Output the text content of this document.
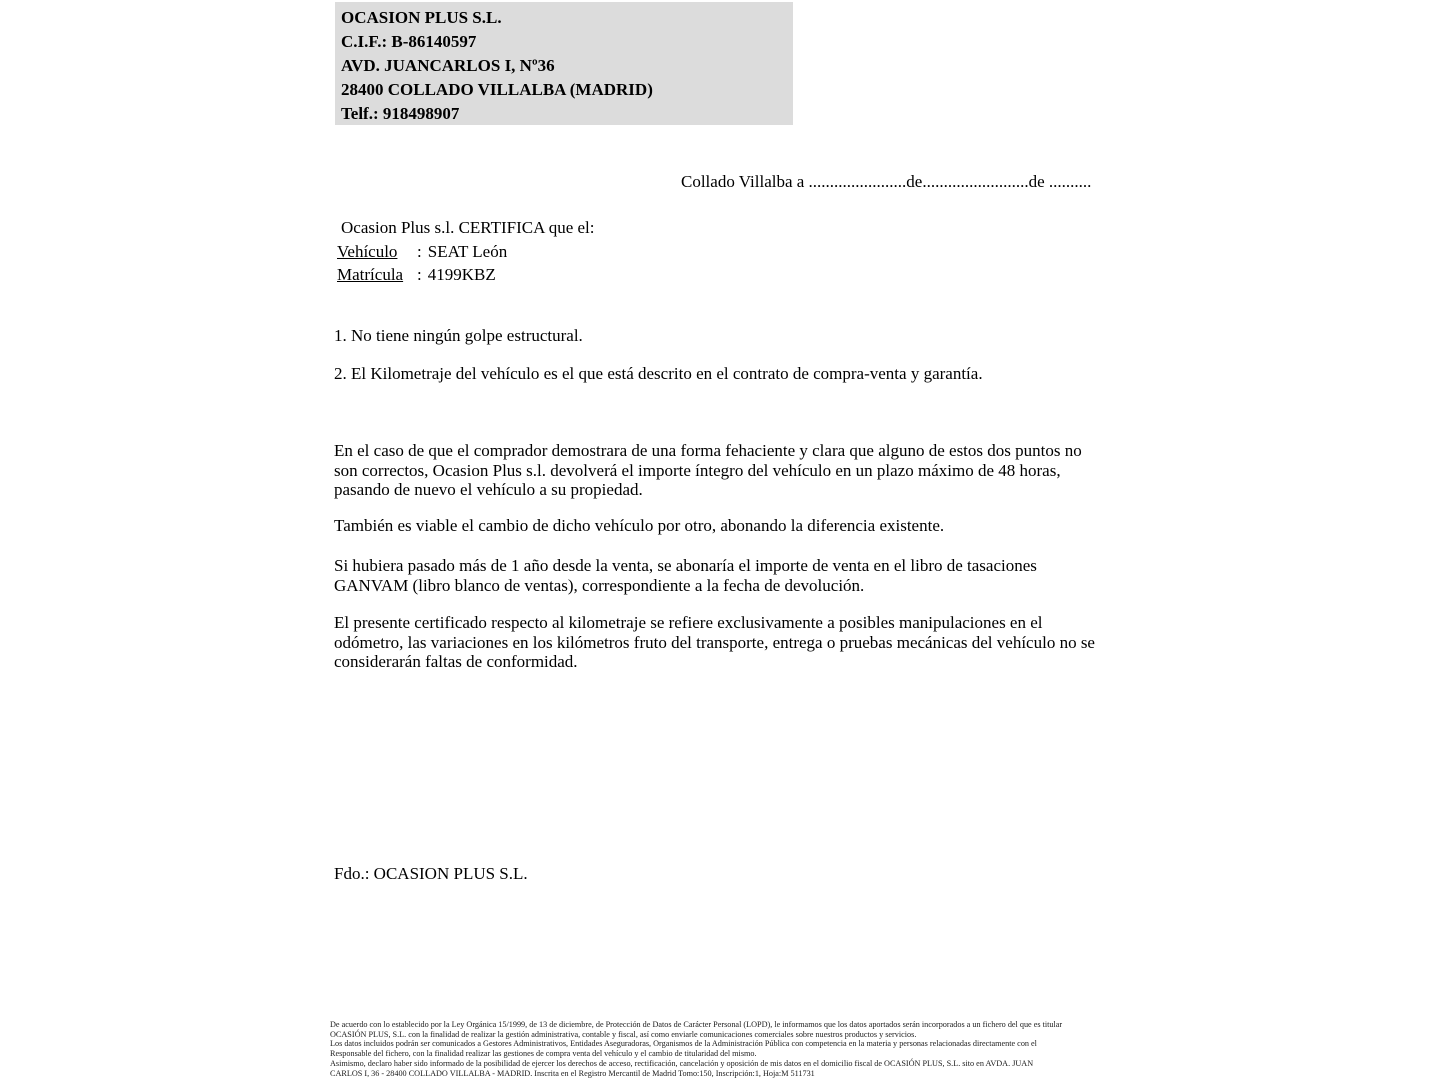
OCASION PLUS S.L.
C.I.F.: B-86140597
AVD. JUANCARLOS I, Nº36
28400 COLLADO VILLALBA (MADRID)
Telf.: 918498907
Collado Villalba a .......................de.........................de ..........
Ocasion Plus s.l. CERTIFICA que el:
Vehículo : SEAT León
Matrícula : 4199KBZ
1. No tiene ningún golpe estructural.
2. El Kilometraje del vehículo es el que está descrito en el contrato de compra-venta y garantía.
En el caso de que el comprador demostrara de una forma fehaciente y clara que alguno de estos dos puntos no son correctos, Ocasion Plus s.l. devolverá el importe íntegro del vehículo en un plazo máximo de 48 horas, pasando de nuevo el vehículo a su propiedad.
También es viable el cambio de dicho vehículo por otro, abonando la diferencia existente.
Si hubiera pasado más de 1 año desde la venta, se abonaría el importe de venta en el libro de tasaciones GANVAM (libro blanco de ventas), correspondiente a la fecha de devolución.
El presente certificado respecto al kilometraje se refiere exclusivamente a posibles manipulaciones en el odómetro, las variaciones en los kilómetros fruto del transporte, entrega o pruebas mecánicas del vehículo no se considerarán faltas de conformidad.
Fdo.: OCASION PLUS S.L.
De acuerdo con lo establecido por la Ley Orgánica 15/1999, de 13 de diciembre, de Protección de Datos de Carácter Personal (LOPD), le informamos que los datos aportados serán incorporados a un fichero del que es titular
OCASIÓN PLUS, S.L. con la finalidad de realizar la gestión administrativa, contable y fiscal, así como enviarle comunicaciones comerciales sobre nuestros productos y servicios.
Los datos incluidos podrán ser comunicados a Gestores Administrativos, Entidades Aseguradoras, Organismos de la Administración Pública con competencia en la materia y personas relacionadas directamente con el
Responsable del fichero, con la finalidad realizar las gestiones de compra venta del vehículo y el cambio de titularidad del mismo.
Asimismo, declaro haber sido informado de la posibilidad de ejercer los derechos de acceso, rectificación, cancelación y oposición de mis datos en el domicilio fiscal de OCASIÓN PLUS, S.L. sito en AVDA. JUAN
CARLOS I, 36 - 28400 COLLADO VILLALBA - MADRID. Inscrita en el Registro Mercantil de Madrid Tomo:150, Inscripción:1, Hoja:M 511731
